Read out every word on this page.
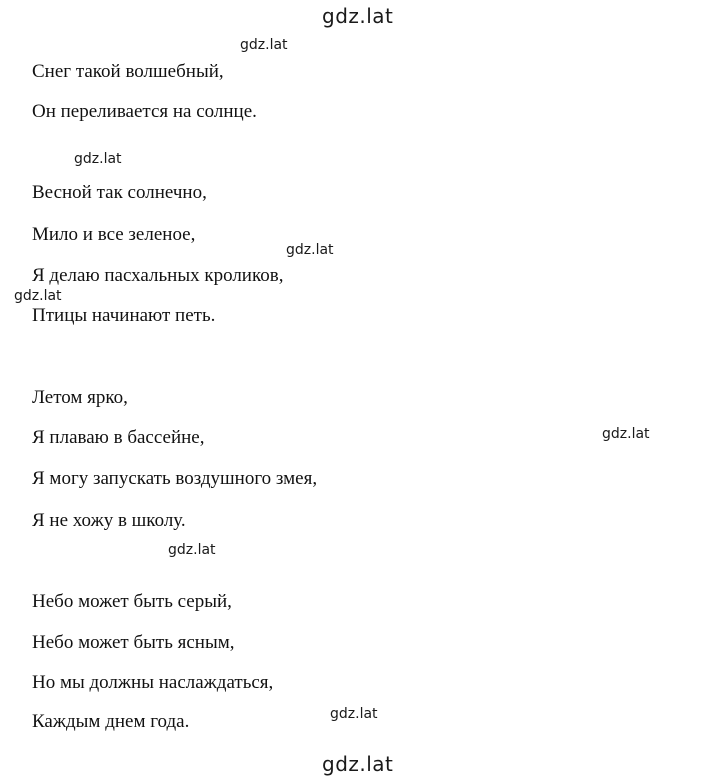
gdz.lat
gdz.lat
gdz.lat
gdz.lat
gdz.lat
gdz.lat
gdz.lat
gdz.lat
gdz.lat
Снег такой волшебный,
Он переливается на солнце.
Весной так солнечно,
Мило и все зеленое,
Я делаю пасхальных кроликов,
Птицы начинают петь.
Летом ярко,
Я плаваю в бассейне,
Я могу запускать воздушного змея,
Я не хожу в школу.
Небо может быть серый,
Небо может быть ясным,
Но мы должны наслаждаться,
Каждым днем года.
